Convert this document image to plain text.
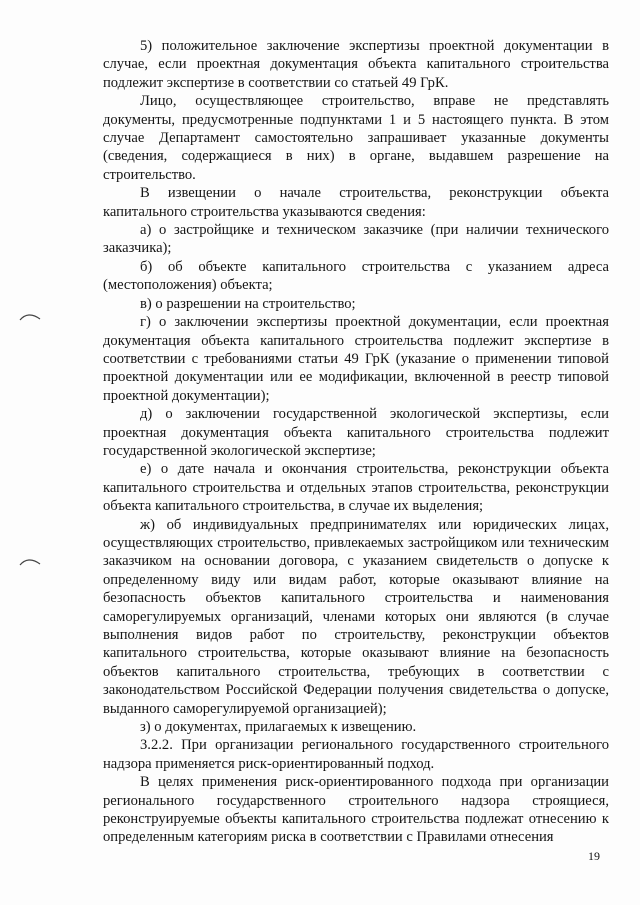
5) положительное заключение экспертизы проектной документации в случае, если проектная документация объекта капитального строительства подлежит экспертизе в соответствии со статьей 49 ГрК.

Лицо, осуществляющее строительство, вправе не представлять документы, предусмотренные подпунктами 1 и 5 настоящего пункта. В этом случае Департамент самостоятельно запрашивает указанные документы (сведения, содержащиеся в них) в органе, выдавшем разрешение на строительство.

В извещении о начале строительства, реконструкции объекта капитального строительства указываются сведения:

а) о застройщике и техническом заказчике (при наличии технического заказчика);

б) об объекте капитального строительства с указанием адреса (местоположения) объекта;

в) о разрешении на строительство;

г) о заключении экспертизы проектной документации, если проектная документация объекта капитального строительства подлежит экспертизе в соответствии с требованиями статьи 49 ГрК (указание о применении типовой проектной документации или ее модификации, включенной в реестр типовой проектной документации);

д) о заключении государственной экологической экспертизы, если проектная документация объекта капитального строительства подлежит государственной экологической экспертизе;

е) о дате начала и окончания строительства, реконструкции объекта капитального строительства и отдельных этапов строительства, реконструкции объекта капитального строительства, в случае их выделения;

ж) об индивидуальных предпринимателях или юридических лицах, осуществляющих строительство, привлекаемых застройщиком или техническим заказчиком на основании договора, с указанием свидетельств о допуске к определенному виду или видам работ, которые оказывают влияние на безопасность объектов капитального строительства и наименования саморегулируемых организаций, членами которых они являются (в случае выполнения видов работ по строительству, реконструкции объектов капитального строительства, которые оказывают влияние на безопасность объектов капитального строительства, требующих в соответствии с законодательством Российской Федерации получения свидетельства о допуске, выданного саморегулируемой организацией);

з) о документах, прилагаемых к извещению.

3.2.2. При организации регионального государственного строительного надзора применяется риск-ориентированный подход.

В целях применения риск-ориентированного подхода при организации регионального государственного строительного надзора строящиеся, реконструируемые объекты капитального строительства подлежат отнесению к определенным категориям риска в соответствии с Правилами отнесения

19
